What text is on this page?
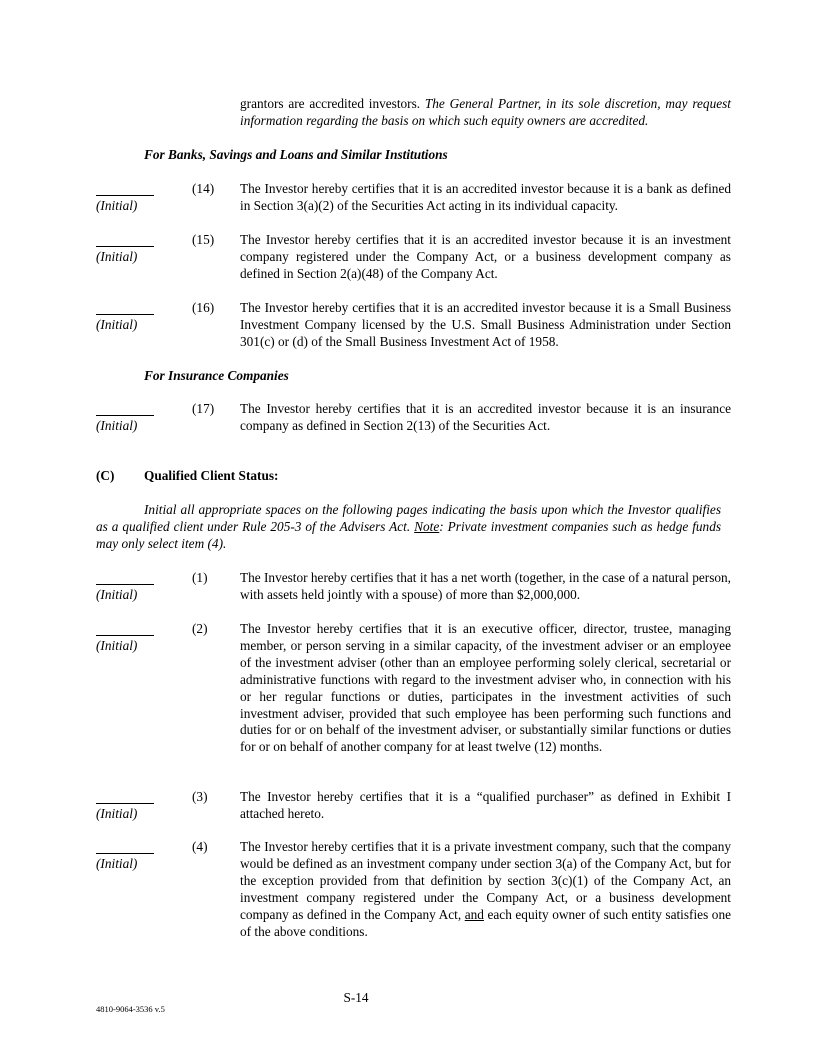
grantors are accredited investors. The General Partner, in its sole discretion, may request information regarding the basis on which such equity owners are accredited.
For Banks, Savings and Loans and Similar Institutions
(Initial)
(14) The Investor hereby certifies that it is an accredited investor because it is a bank as defined in Section 3(a)(2) of the Securities Act acting in its individual capacity.
(Initial)
(15) The Investor hereby certifies that it is an accredited investor because it is an investment company registered under the Company Act, or a business development company as defined in Section 2(a)(48) of the Company Act.
(Initial)
(16) The Investor hereby certifies that it is an accredited investor because it is a Small Business Investment Company licensed by the U.S. Small Business Administration under Section 301(c) or (d) of the Small Business Investment Act of 1958.
For Insurance Companies
(Initial)
(17) The Investor hereby certifies that it is an accredited investor because it is an insurance company as defined in Section 2(13) of the Securities Act.
(C) Qualified Client Status:
Initial all appropriate spaces on the following pages indicating the basis upon which the Investor qualifies as a qualified client under Rule 205-3 of the Advisers Act. Note: Private investment companies such as hedge funds may only select item (4).
(Initial)
(1) The Investor hereby certifies that it has a net worth (together, in the case of a natural person, with assets held jointly with a spouse) of more than $2,000,000.
(Initial)
(2) The Investor hereby certifies that it is an executive officer, director, trustee, managing member, or person serving in a similar capacity, of the investment adviser or an employee of the investment adviser (other than an employee performing solely clerical, secretarial or administrative functions with regard to the investment adviser who, in connection with his or her regular functions or duties, participates in the investment activities of such investment adviser, provided that such employee has been performing such functions and duties for or on behalf of the investment adviser, or substantially similar functions or duties for or on behalf of another company for at least twelve (12) months.
(Initial)
(3) The Investor hereby certifies that it is a “qualified purchaser” as defined in Exhibit I attached hereto.
(Initial)
(4) The Investor hereby certifies that it is a private investment company, such that the company would be defined as an investment company under section 3(a) of the Company Act, but for the exception provided from that definition by section 3(c)(1) of the Company Act, an investment company registered under the Company Act, or a business development company as defined in the Company Act, and each equity owner of such entity satisfies one of the above conditions.
S-14
4810-9064-3536 v.5
